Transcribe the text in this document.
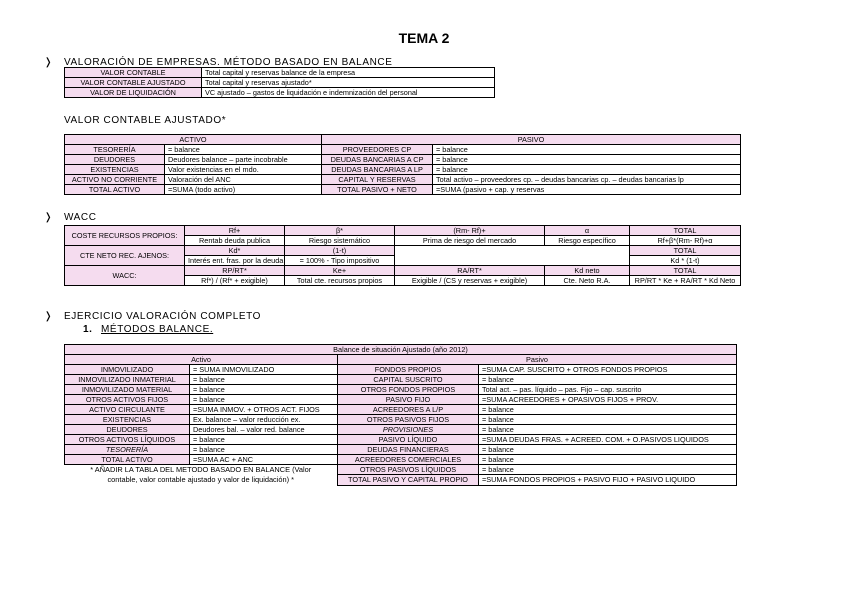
TEMA 2
❭ VALORACIÓN DE EMPRESAS. MÉTODO BASADO EN BALANCE
VALOR CONTABLE	Total capital y reservas balance de la empresa
VALOR CONTABLE AJUSTADO	Total capital y reservas ajustado*
VALOR DE LIQUIDACIÓN	VC ajustado – gastos de liquidación e indemnización del personal
VALOR CONTABLE AJUSTADO*
ACTIVO		PASIVO	
TESORERÍA	= balance	PROVEEDORES CP	= balance
DEUDORES	Deudores balance – parte incobrable	DEUDAS BANCARIAS A CP	= balance
EXISTENCIAS	Valor existencias en el mdo.	DEUDAS BANCARIAS A LP	= balance
ACTIVO NO CORRIENTE	Valoración del ANC	CAPITAL Y RESERVAS	Total activo – proveedores cp. – deudas bancarias cp. – deudas bancarias lp
TOTAL ACTIVO	=SUMA (todo activo)	TOTAL PASIVO + NETO	=SUMA (pasivo + cap. y reservas
❭ WACC
COSTE RECURSOS PROPIOS:	Rf+	β*	(Rm- Rf)+	α	TOTAL
	Rentab deuda publica	Riesgo sistemático	Prima de riesgo del mercado	Riesgo específico	Rf+β*(Rm- Rf)+α
CTE NETO REC. AJENOS:	Kd*	(1-t)			TOTAL
	Interés ent. fras. por la deuda	= 100% - Tipo impositivo			Kd * (1-t)
WACC:	RP/RT*	Ke+	RA/RT*	Kd neto	TOTAL
	Rf*) / (Rf* + exigible)	Total cte. recursos propios	Exigible / (CS y reservas + exigible)	Cte. Neto R.A.	RP/RT * Ke + RA/RT * Kd Neto
❭ EJERCICIO VALORACIÓN COMPLETO
1. MÉTODOS BALANCE.
Balance de situación Ajustado (año 2012)			
Activo		Pasivo	
INMOVILIZADO	= SUMA INMOVILIZADO	FONDOS PROPIOS	=SUMA CAP. SUSCRITO + OTROS FONDOS PROPIOS
INMOVILIZADO INMATERIAL	= balance	CAPITAL SUSCRITO	= balance
INMOVILIZADO MATERIAL	= balance	OTROS FONDOS PROPIOS	Total act. – pas. líquido – pas. Fijo – cap. suscrito
OTROS ACTIVOS FIJOS	= balance	PASIVO FIJO	=SUMA ACREEDORES + OPASIVOS FIJOS + PROV.
ACTIVO CIRCULANTE	=SUMA INMOV. + OTROS ACT. FIJOS	ACREEDORES A L/P	= balance
EXISTENCIAS	Ex. balance – valor reducción ex.	OTROS PASIVOS FIJOS	= balance
DEUDORES	Deudores bal. – valor red. balance	PROVISIONES	= balance
OTROS ACTIVOS LÍQUIDOS	= balance	PASIVO LÍQUIDO	=SUMA DEUDAS FRAS. + ACREED. COM. + O.PASIVOS LIQUIDOS
TESORERÍA	= balance	DEUDAS FINANCIERAS	= balance
TOTAL ACTIVO	=SUMA AC + ANC	ACREEDORES COMERCIALES	= balance

* AÑADIR LA TABLA DEL METODO BASADO EN BALANCE (Valor
contable, valor contable ajustado y valor de liquidación) *		OTROS PASIVOS LÍQUIDOS	= balance
		TOTAL PASIVO Y CAPITAL PROPIO	=SUMA FONDOS PROPIOS + PASIVO FIJO + PASIVO LIQUIDO
